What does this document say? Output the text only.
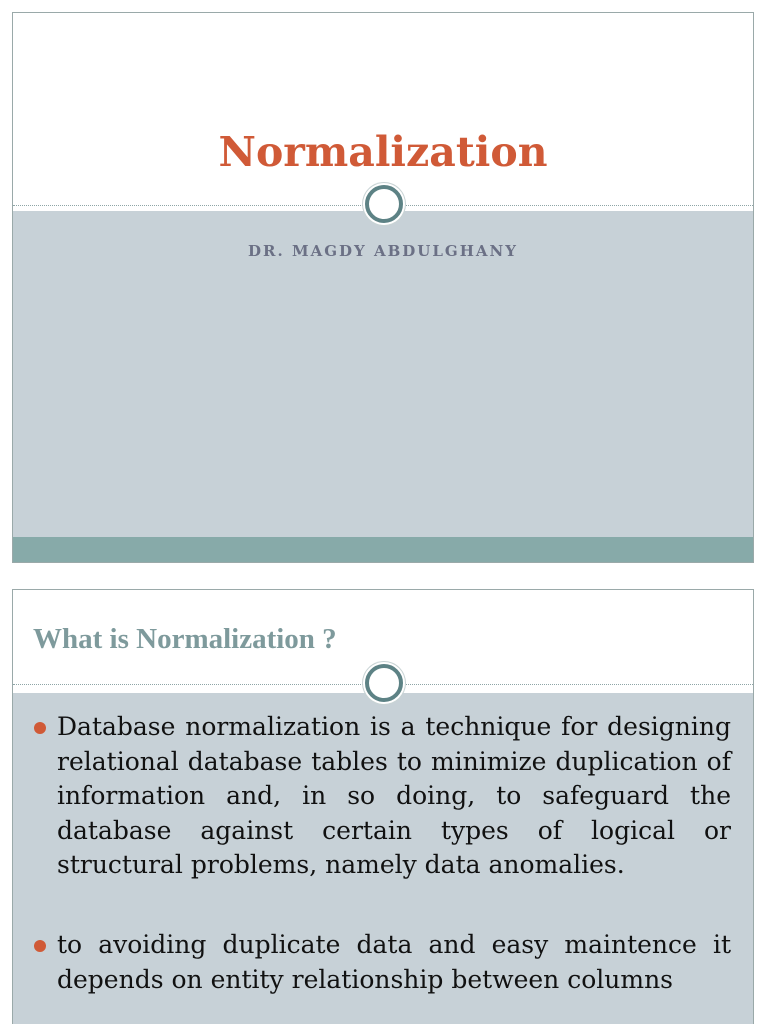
Normalization
DR. MAGDY ABDULGHANY
What is Normalization ?

Database normalization is a technique for designing relational database tables to minimize duplication of information and, in so doing, to safeguard the database against certain types of logical or structural problems, namely data anomalies.

to avoiding duplicate data and easy maintence it depends on entity relationship between columns
